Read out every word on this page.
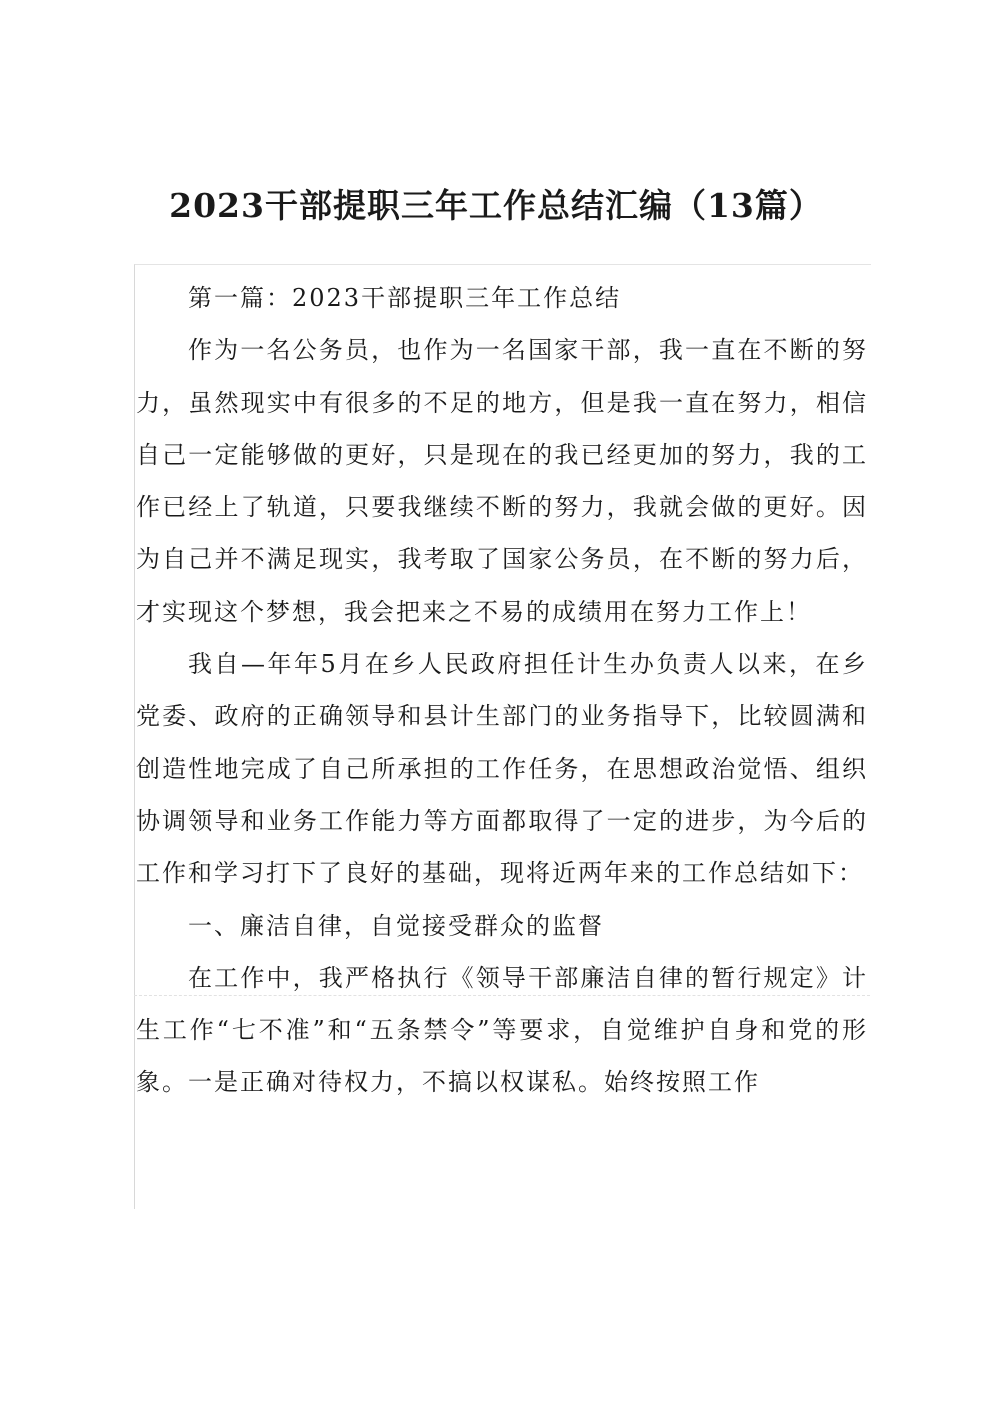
2023干部提职三年工作总结汇编（13篇）

第一篇：2023干部提职三年工作总结

作为一名公务员，也作为一名国家干部，我一直在不断的努力，虽然现实中有很多的不足的地方，但是我一直在努力，相信自己一定能够做的更好，只是现在的我已经更加的努力，我的工作已经上了轨道，只要我继续不断的努力，我就会做的更好。因为自己并不满足现实，我考取了国家公务员，在不断的努力后，才实现这个梦想，我会把来之不易的成绩用在努力工作上！

我自—年年5月在乡人民政府担任计生办负责人以来，在乡党委、政府的正确领导和县计生部门的业务指导下，比较圆满和创造性地完成了自己所承担的工作任务，在思想政治觉悟、组织协调领导和业务工作能力等方面都取得了一定的进步，为今后的工作和学习打下了良好的基础，现将近两年来的工作总结如下：

一、廉洁自律，自觉接受群众的监督

在工作中，我严格执行《领导干部廉洁自律的暂行规定》计生工作“七不准”和“五条禁令”等要求，自觉维护自身和党的形象。一是正确对待权力，不搞以权谋私。始终按照工作
